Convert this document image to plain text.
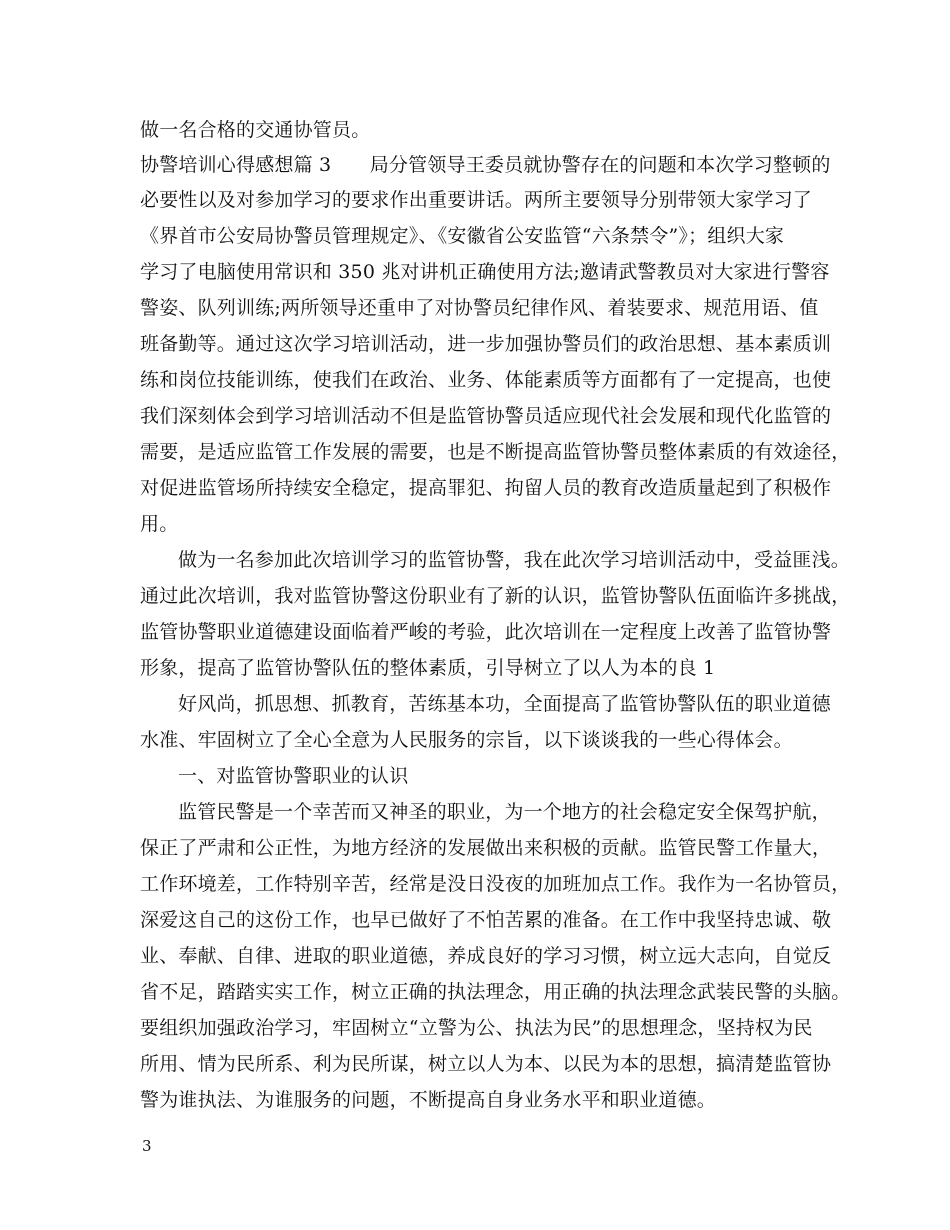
做一名合格的交通协管员。
协警培训心得感想篇 3　　局分管领导王委员就协警存在的问题和本次学习整顿的
必要性以及对参加学习的要求作出重要讲话。两所主要领导分别带领大家学习了
《界首市公安局协警员管理规定》、《安徽省公安监管“六条禁令”》；组织大家
学习了电脑使用常识和 350 兆对讲机正确使用方法;邀请武警教员对大家进行警容
警姿、队列训练;两所领导还重申了对协警员纪律作风、着装要求、规范用语、值
班备勤等。通过这次学习培训活动，进一步加强协警员们的政治思想、基本素质训
练和岗位技能训练，使我们在政治、业务、体能素质等方面都有了一定提高，也使
我们深刻体会到学习培训活动不但是监管协警员适应现代社会发展和现代化监管的
需要，是适应监管工作发展的需要，也是不断提高监管协警员整体素质的有效途径，
对促进监管场所持续安全稳定，提高罪犯、拘留人员的教育改造质量起到了积极作
用。
做为一名参加此次培训学习的监管协警，我在此次学习培训活动中，受益匪浅。
通过此次培训，我对监管协警这份职业有了新的认识，监管协警队伍面临许多挑战，
监管协警职业道德建设面临着严峻的考验，此次培训在一定程度上改善了监管协警
形象，提高了监管协警队伍的整体素质，引导树立了以人为本的良 1
好风尚，抓思想、抓教育，苦练基本功，全面提高了监管协警队伍的职业道德
水准、牢固树立了全心全意为人民服务的宗旨，以下谈谈我的一些心得体会。
一、对监管协警职业的认识
监管民警是一个幸苦而又神圣的职业，为一个地方的社会稳定安全保驾护航，
保正了严肃和公正性，为地方经济的发展做出来积极的贡献。监管民警工作量大，
工作环境差，工作特别辛苦，经常是没日没夜的加班加点工作。我作为一名协管员，
深爱这自己的这份工作，也早已做好了不怕苦累的准备。在工作中我坚持忠诚、敬
业、奉献、自律、进取的职业道德，养成良好的学习习惯，树立远大志向，自觉反
省不足，踏踏实实工作，树立正确的执法理念，用正确的执法理念武装民警的头脑。
要组织加强政治学习，牢固树立“立警为公、执法为民”的思想理念，坚持权为民
所用、情为民所系、利为民所谋，树立以人为本、以民为本的思想，搞清楚监管协
警为谁执法、为谁服务的问题，不断提高自身业务水平和职业道德。
3
